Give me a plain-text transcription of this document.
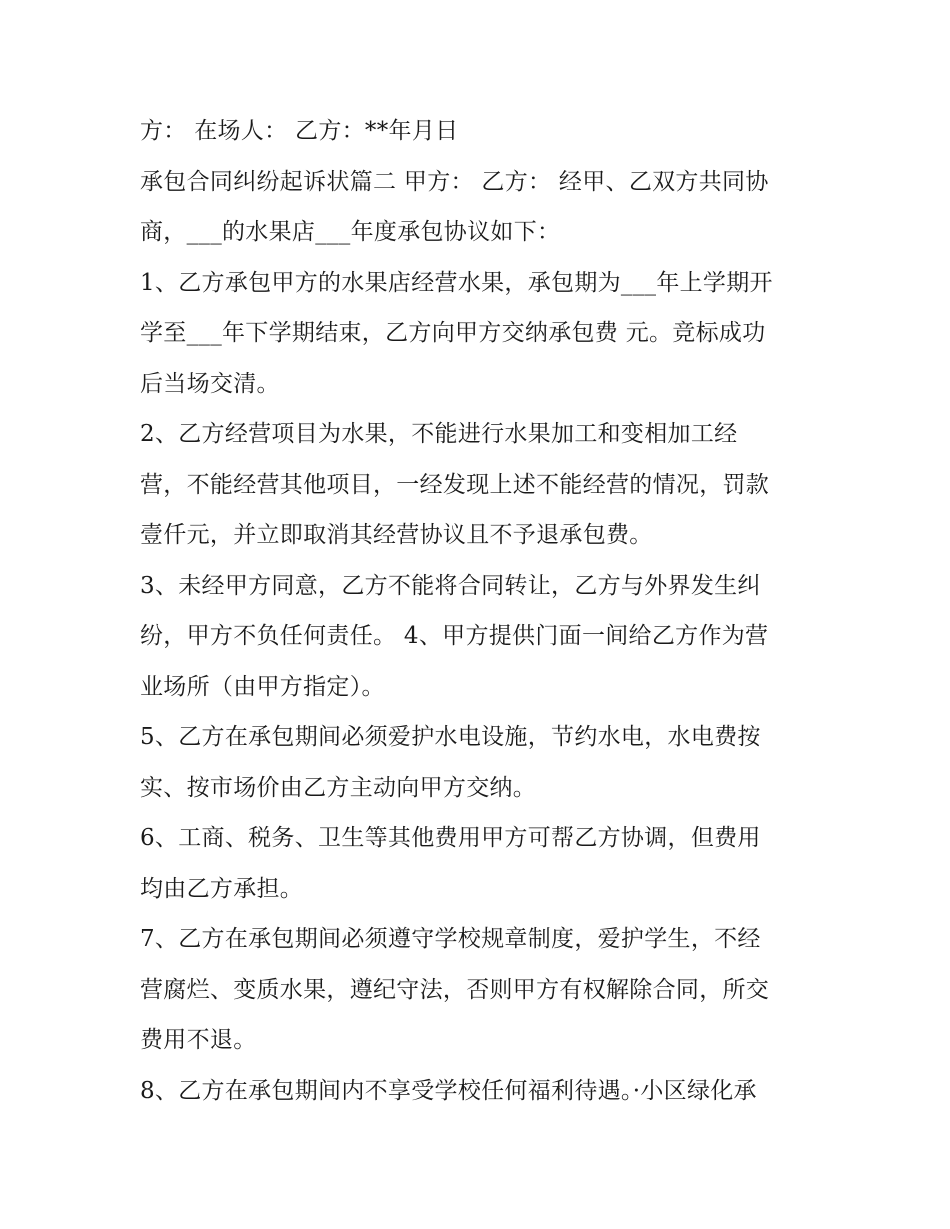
方： 在场人： 乙方：**年月日
承包合同纠纷起诉状篇二 甲方： 乙方： 经甲、乙双方共同协
商，___的水果店___年度承包协议如下：
1、乙方承包甲方的水果店经营水果，承包期为___年上学期开
学至___年下学期结束，乙方向甲方交纳承包费 元。竞标成功
后当场交清。
2、乙方经营项目为水果，不能进行水果加工和变相加工经
营，不能经营其他项目，一经发现上述不能经营的情况，罚款
壹仟元，并立即取消其经营协议且不予退承包费。
3、未经甲方同意，乙方不能将合同转让，乙方与外界发生纠
纷，甲方不负任何责任。 4、甲方提供门面一间给乙方作为营
业场所（由甲方指定）。
5、乙方在承包期间必须爱护水电设施，节约水电，水电费按
实、按市场价由乙方主动向甲方交纳。
6、工商、税务、卫生等其他费用甲方可帮乙方协调，但费用
均由乙方承担。
7、乙方在承包期间必须遵守学校规章制度，爱护学生，不经
营腐烂、变质水果，遵纪守法，否则甲方有权解除合同，所交
费用不退。
8、乙方在承包期间内不享受学校任何福利待遇。·小区绿化承
